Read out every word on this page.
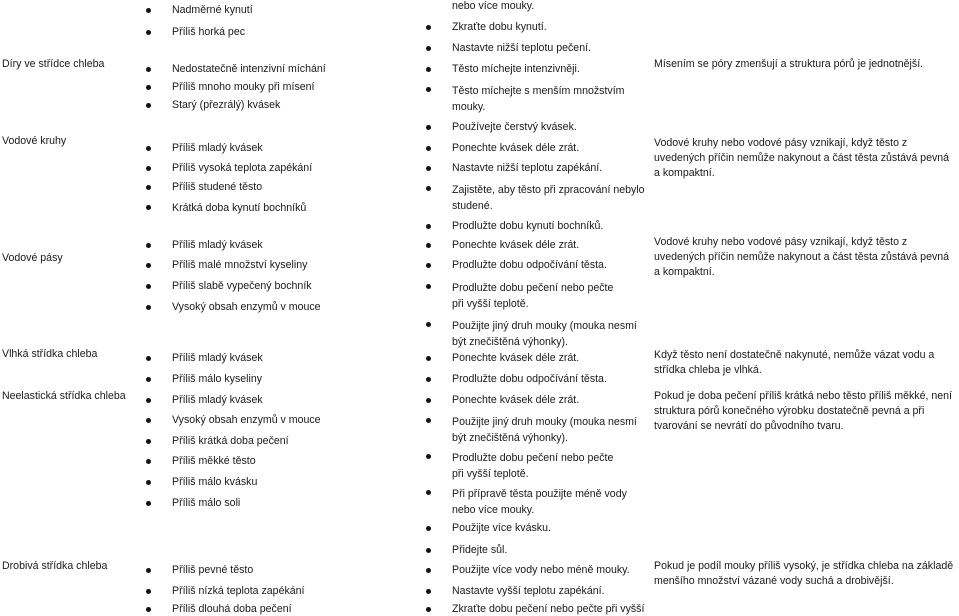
Díry ve střídce chleba
Vodové kruhy
Vodové pásy
Vlhká střídka chleba
Neelastická střídka chleba
Drobivá střídka chleba
Nadměrné kynutí
Příliš horká pec
Nedostatečně intenzivní míchání
Příliš mnoho mouky při mísení
Starý (přezrálý) kvásek
Příliš mladý kvásek
Příliš vysoká teplota zapékání
Příliš studené těsto
Krátká doba kynutí bochníků
Příliš mladý kvásek
Příliš malé množství kyseliny
Příliš slabě vypečený bochník
Vysoký obsah enzymů v mouce
Příliš mladý kvásek
Příliš málo kyseliny
Příliš mladý kvásek
Vysoký obsah enzymů v mouce
Příliš krátká doba pečení
Příliš měkké těsto
Příliš málo kvásku
Příliš málo soli
Příliš pevné těsto
Příliš nízká teplota zapékání
Příliš dlouhá doba pečení
nebo více mouky.
Zkraťte dobu kynutí.
Nastavte nižší teplotu pečení.
Těsto míchejte intenzivněji.
Těsto míchejte s menším množstvím mouky.
Používejte čerstvý kvásek.
Ponechte kvásek déle zrát.
Nastavte nižší teplotu zapékání.
Zajistěte, aby těsto při zpracování nebylo studené.
Prodlužte dobu kynutí bochníků.
Ponechte kvásek déle zrát.
Prodlužte dobu odpočívání těsta.
Prodlužte dobu pečení nebo pečte při vyšší teplotě.
Použijte jiný druh mouky (mouka nesmí být znečištěná výhonky).
Ponechte kvásek déle zrát.
Prodlužte dobu odpočívání těsta.
Ponechte kvásek déle zrát.
Použijte jiný druh mouky (mouka nesmí být znečištěná výhonky).
Prodlužte dobu pečení nebo pečte při vyšší teplotě.
Při přípravě těsta použijte méně vody nebo více mouky.
Použijte více kvásku.
Přidejte sůl.
Použijte více vody nebo méně mouky.
Nastavte vyšší teplotu zapékání.
Zkraťte dobu pečení nebo pečte při vyšší
Mísením se póry zmenšují a struktura pórů je jednotnější.
Vodové kruhy nebo vodové pásy vznikají, když těsto z uvedených příčin nemůže nakynout a část těsta zůstává pevná a kompaktní.
Vodové kruhy nebo vodové pásy vznikají, když těsto z uvedených příčin nemůže nakynout a část těsta zůstává pevná a kompaktní.
Když těsto není dostatečně nakynuté, nemůže vázat vodu a střídka chleba je vlhká.
Pokud je doba pečení příliš krátká nebo těsto příliš měkké, není struktura pórů konečného výrobku dostatečně pevná a při tvarování se nevrátí do původního tvaru.
Pokud je podíl mouky příliš vysoký, je střídka chleba na základě menšího množství vázané vody suchá a drobivější.
